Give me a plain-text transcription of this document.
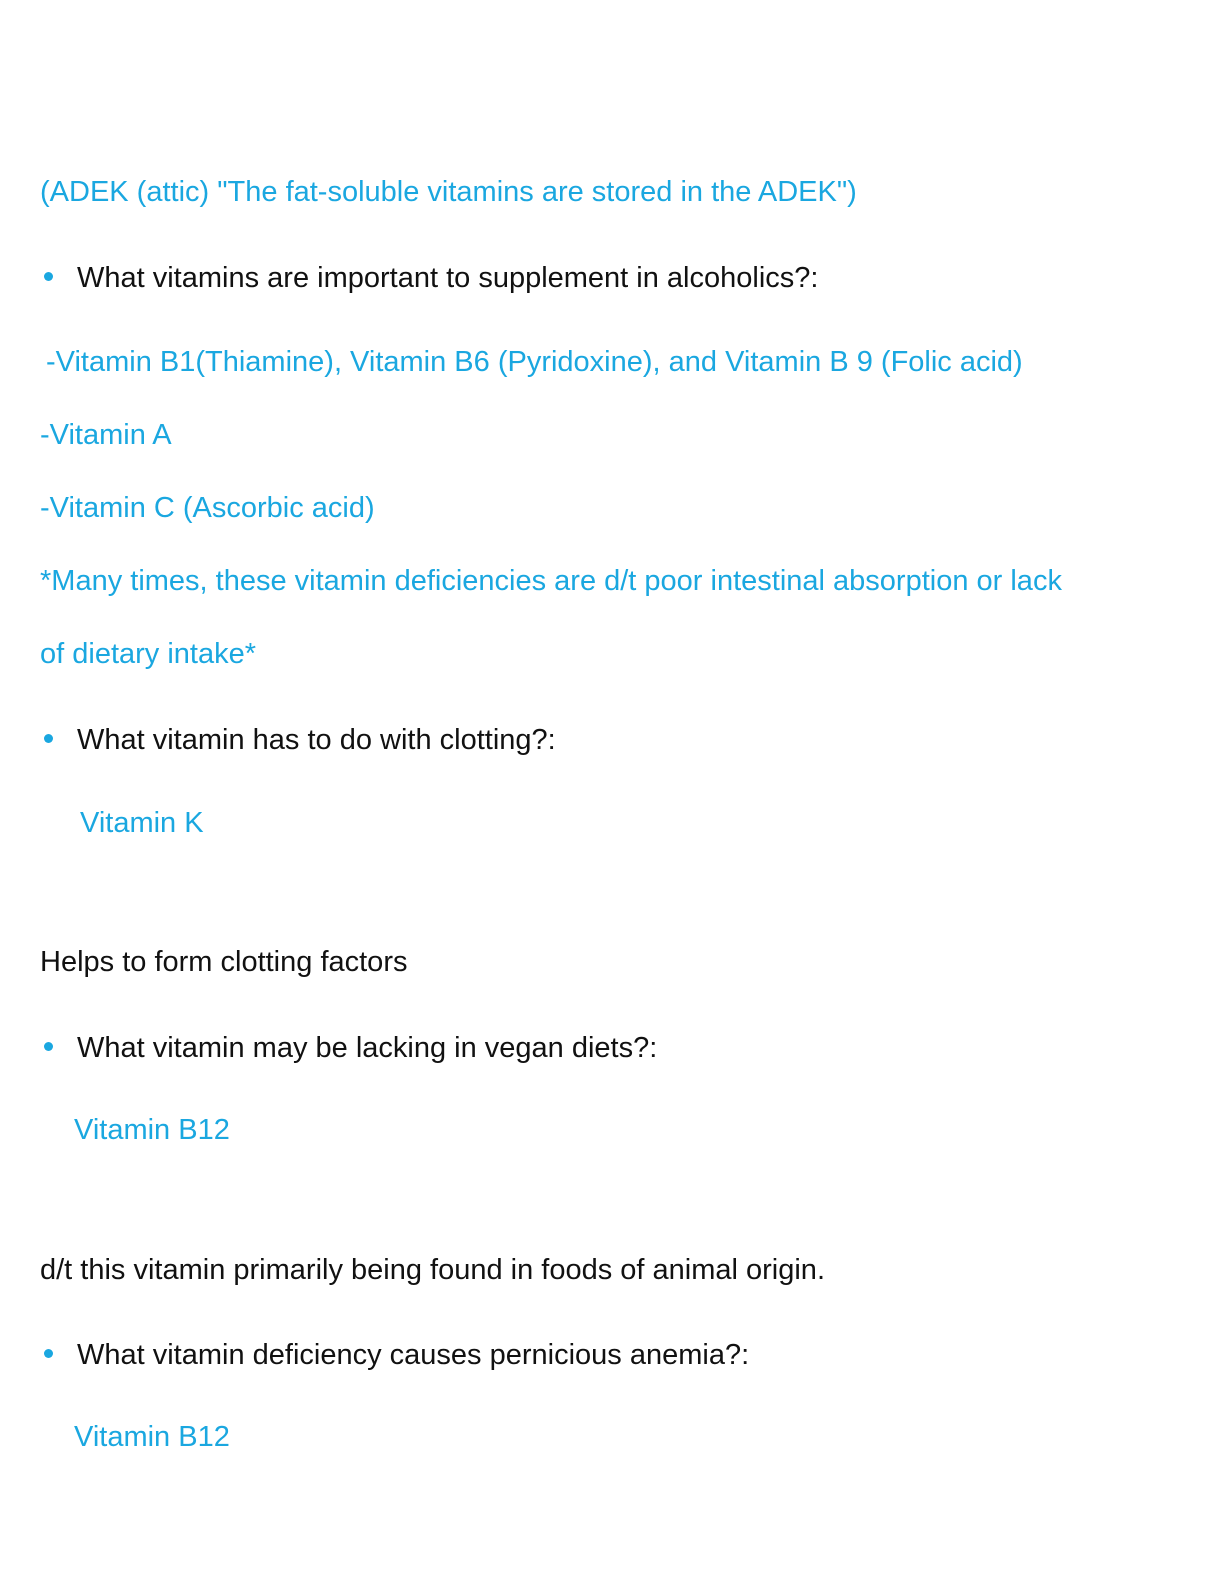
(ADEK (attic) "The fat-soluble vitamins are stored in the ADEK")
What vitamins are important to supplement in alcoholics?:
-Vitamin B1(Thiamine), Vitamin B6 (Pyridoxine), and Vitamin B 9 (Folic acid)
-Vitamin A
-Vitamin C (Ascorbic acid)
*Many times, these vitamin deficiencies are d/t poor intestinal absorption or lack
of dietary intake*
What vitamin has to do with clotting?:
Vitamin K
Helps to form clotting factors
What vitamin may be lacking in vegan diets?:
Vitamin B12
d/t this vitamin primarily being found in foods of animal origin.
What vitamin deficiency causes pernicious anemia?:
Vitamin B12
